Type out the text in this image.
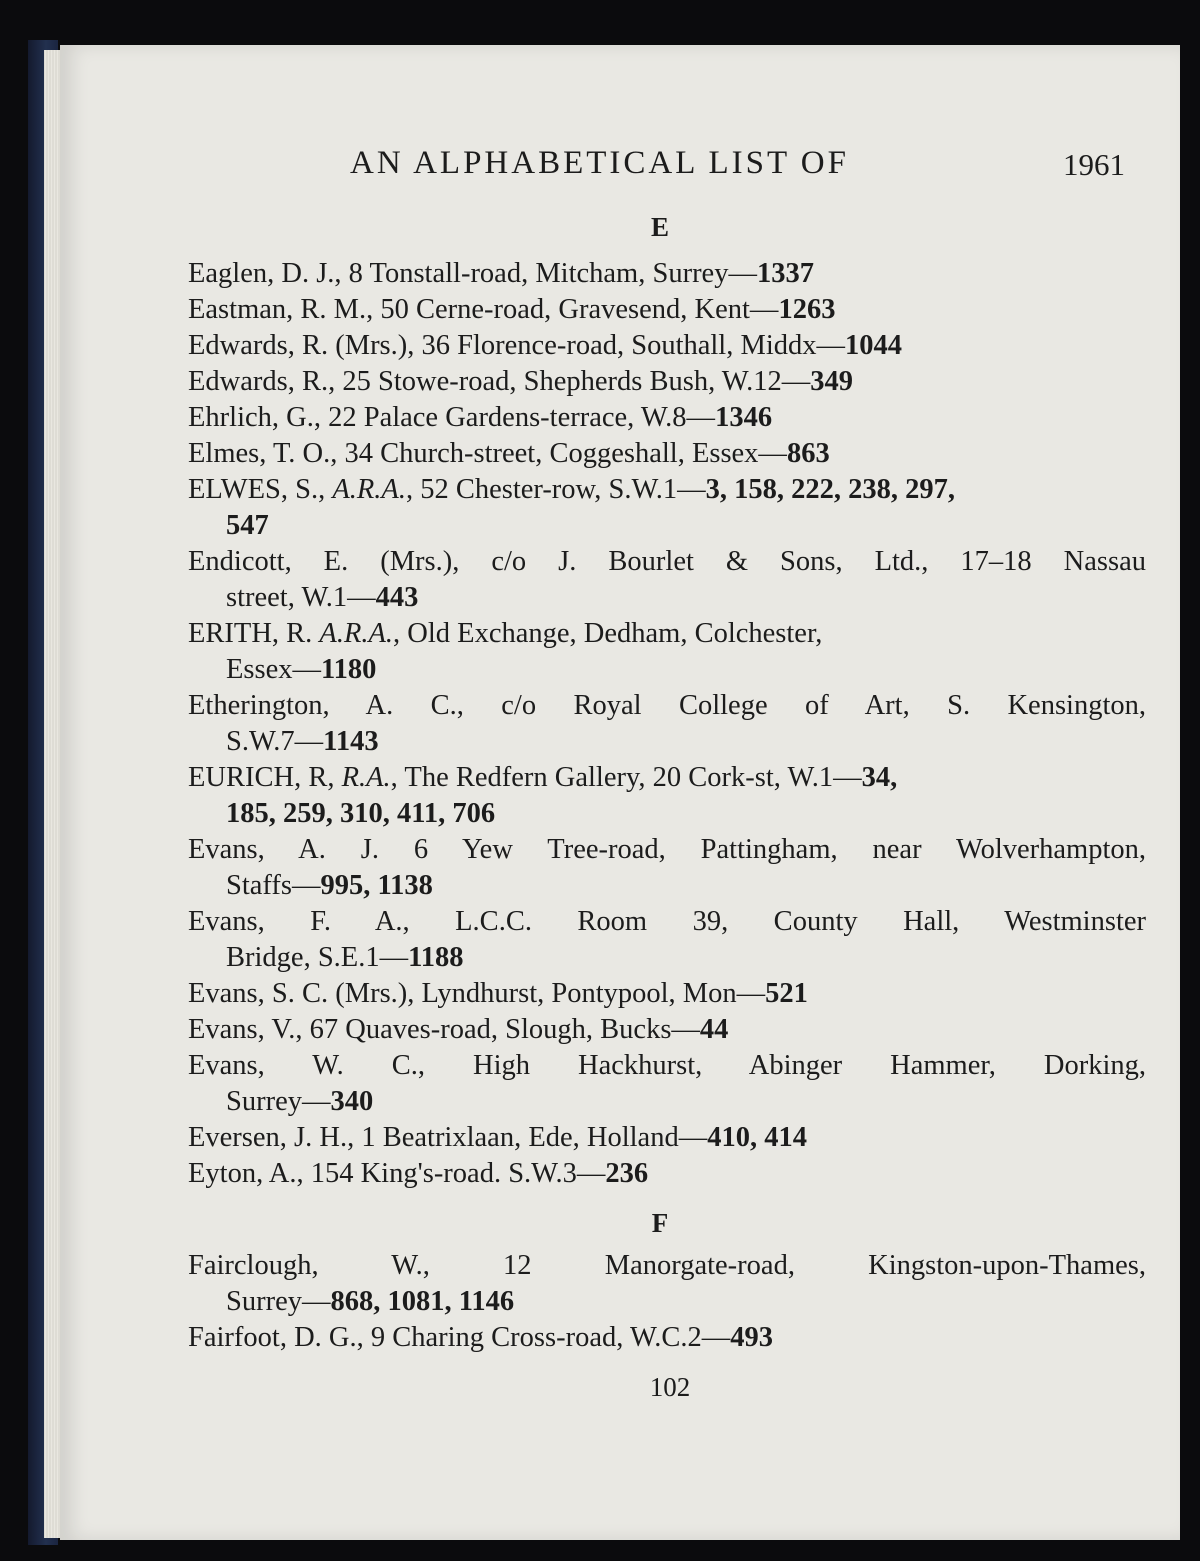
AN ALPHABETICAL LIST OF	1961
E
Eaglen, D. J., 8 Tonstall-road, Mitcham, Surrey—1337
Eastman, R. M., 50 Cerne-road, Gravesend, Kent—1263
Edwards, R. (Mrs.), 36 Florence-road, Southall, Middx—1044
Edwards, R., 25 Stowe-road, Shepherds Bush, W.12—349
Ehrlich, G., 22 Palace Gardens-terrace, W.8—1346
Elmes, T. O., 34 Church-street, Coggeshall, Essex—863
ELWES, S., A.R.A., 52 Chester-row, S.W.1—3, 158, 222, 238, 297,
547
Endicott, E. (Mrs.), c/o J. Bourlet & Sons, Ltd., 17–18 Nassau
street, W.1—443
ERITH, R. A.R.A., Old Exchange, Dedham, Colchester,
Essex—1180
Etherington, A. C., c/o Royal College of Art, S. Kensington,
S.W.7—1143
EURICH, R, R.A., The Redfern Gallery, 20 Cork-st, W.1—34,
185, 259, 310, 411, 706
Evans, A. J. 6 Yew Tree-road, Pattingham, near Wolverhampton,
Staffs—995, 1138
Evans, F. A., L.C.C. Room 39, County Hall, Westminster
Bridge, S.E.1—1188
Evans, S. C. (Mrs.), Lyndhurst, Pontypool, Mon—521
Evans, V., 67 Quaves-road, Slough, Bucks—44
Evans, W. C., High Hackhurst, Abinger Hammer, Dorking,
Surrey—340
Eversen, J. H., 1 Beatrixlaan, Ede, Holland—410, 414
Eyton, A., 154 King's-road. S.W.3—236
F
Fairclough, W., 12 Manorgate-road, Kingston-upon-Thames,
Surrey—868, 1081, 1146
Fairfoot, D. G., 9 Charing Cross-road, W.C.2—493
102
